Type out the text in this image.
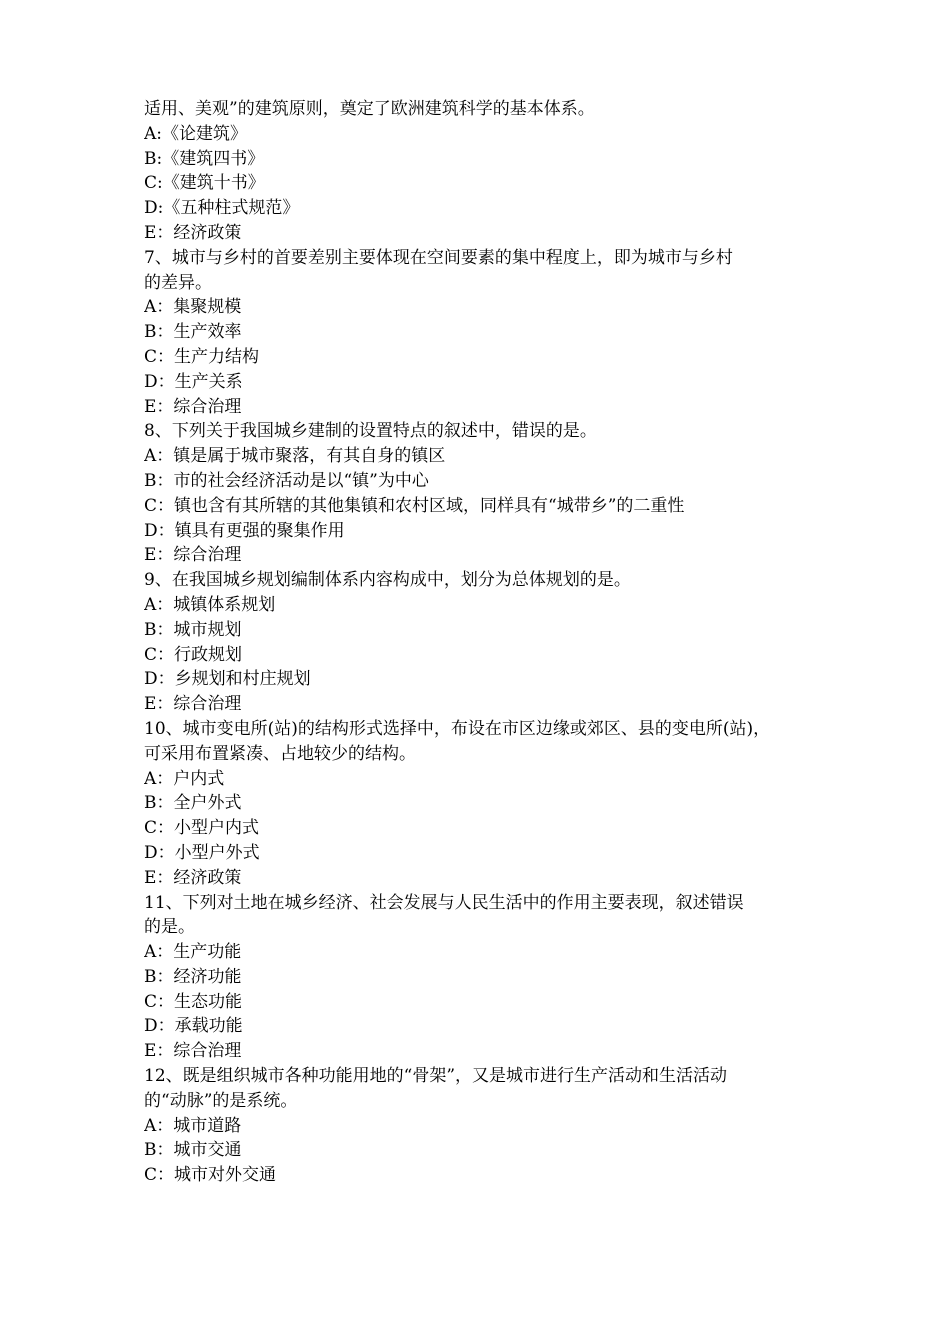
适用、美观”的建筑原则，奠定了欧洲建筑科学的基本体系。
A:《论建筑》
B:《建筑四书》
C:《建筑十书》
D:《五种柱式规范》
E：经济政策
7、城市与乡村的首要差别主要体现在空间要素的集中程度上，即为城市与乡村
的差异。
A：集聚规模
B：生产效率
C：生产力结构
D：生产关系
E：综合治理
8、下列关于我国城乡建制的设置特点的叙述中，错误的是。
A：镇是属于城市聚落，有其自身的镇区
B：市的社会经济活动是以“镇”为中心
C：镇也含有其所辖的其他集镇和农村区域，同样具有“城带乡”的二重性
D：镇具有更强的聚集作用
E：综合治理
9、在我国城乡规划编制体系内容构成中，划分为总体规划的是。
A：城镇体系规划
B：城市规划
C：行政规划
D：乡规划和村庄规划
E：综合治理
10、城市变电所(站)的结构形式选择中，布设在市区边缘或郊区、县的变电所(站)，
可采用布置紧凑、占地较少的结构。
A：户内式
B：全户外式
C：小型户内式
D：小型户外式
E：经济政策
11、下列对土地在城乡经济、社会发展与人民生活中的作用主要表现，叙述错误
的是。
A：生产功能
B：经济功能
C：生态功能
D：承载功能
E：综合治理
12、既是组织城市各种功能用地的“骨架”，又是城市进行生产活动和生活活动
的“动脉”的是系统。
A：城市道路
B：城市交通
C：城市对外交通
